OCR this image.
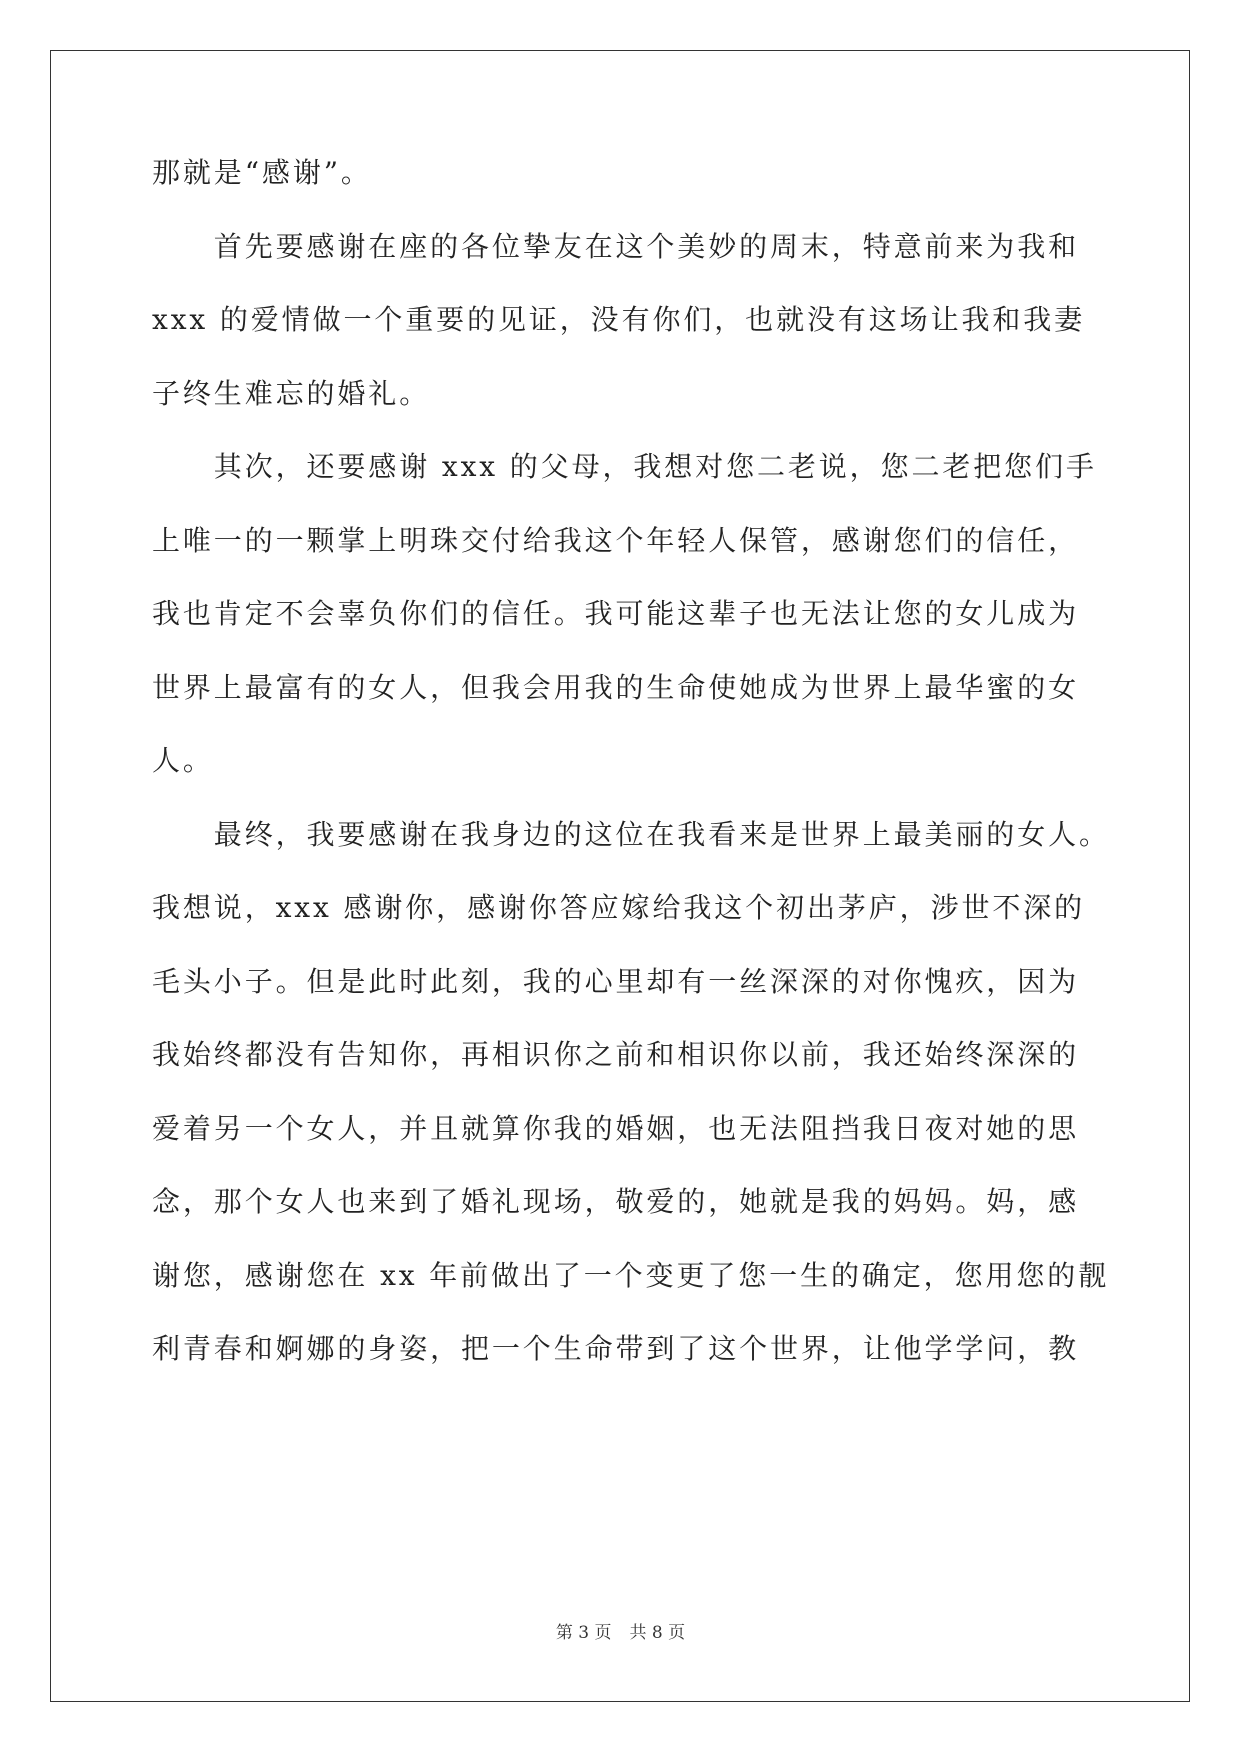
那就是“感谢”。
　　首先要感谢在座的各位挚友在这个美妙的周末，特意前来为我和
xxx 的爱情做一个重要的见证，没有你们，也就没有这场让我和我妻
子终生难忘的婚礼。
　　其次，还要感谢 xxx 的父母，我想对您二老说，您二老把您们手
上唯一的一颗掌上明珠交付给我这个年轻人保管，感谢您们的信任，
我也肯定不会辜负你们的信任。我可能这辈子也无法让您的女儿成为
世界上最富有的女人，但我会用我的生命使她成为世界上最华蜜的女
人。
　　最终，我要感谢在我身边的这位在我看来是世界上最美丽的女人。
我想说，xxx 感谢你，感谢你答应嫁给我这个初出茅庐，涉世不深的
毛头小子。但是此时此刻，我的心里却有一丝深深的对你愧疚，因为
我始终都没有告知你，再相识你之前和相识你以前，我还始终深深的
爱着另一个女人，并且就算你我的婚姻，也无法阻挡我日夜对她的思
念，那个女人也来到了婚礼现场，敬爱的，她就是我的妈妈。妈，感
谢您，感谢您在 xx 年前做出了一个变更了您一生的确定，您用您的靓
利青春和婀娜的身姿，把一个生命带到了这个世界，让他学学问，教
第 3 页 共 8 页
